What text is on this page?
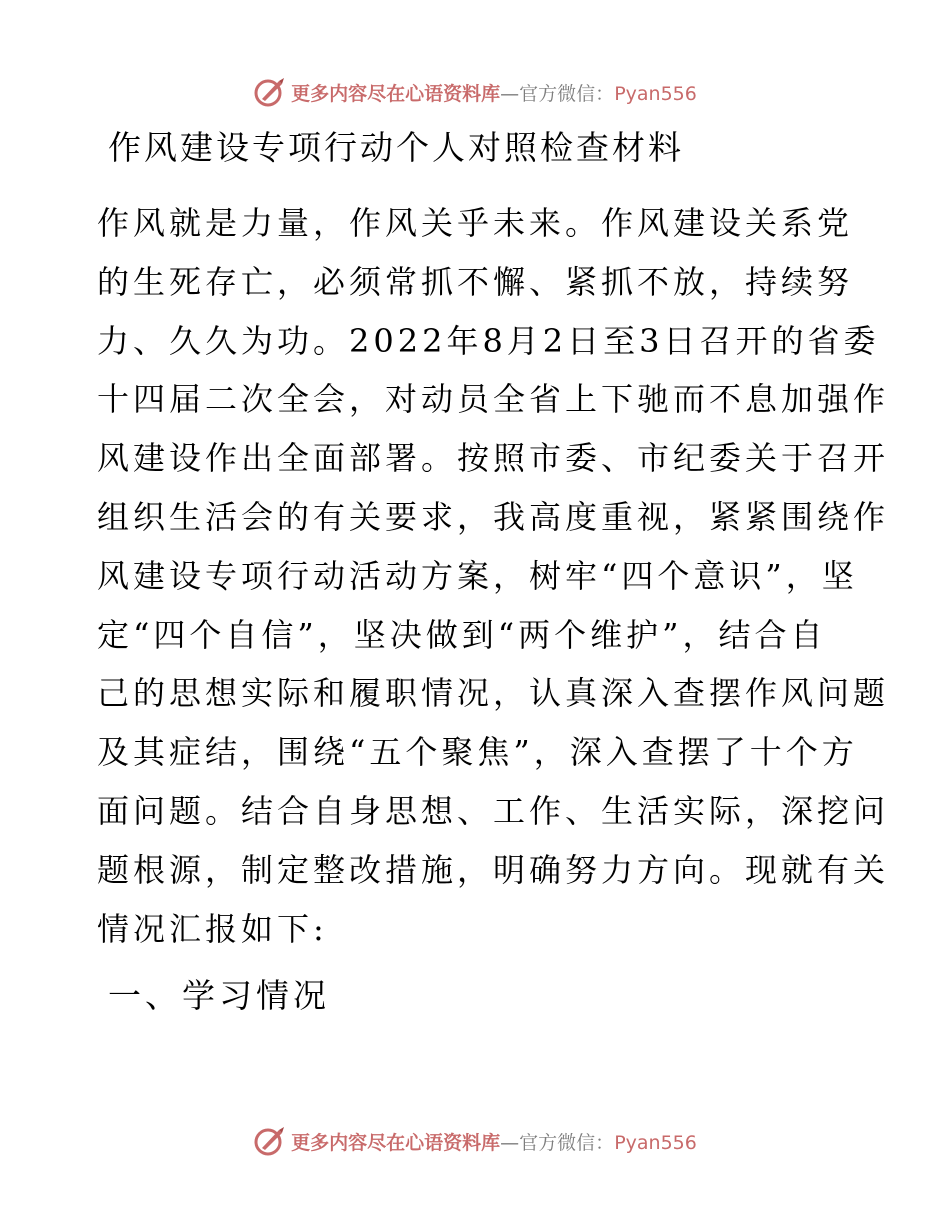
更多内容尽在心语资料库—官方微信：Pyan556
作风建设专项行动个人对照检查材料
作风就是力量，作风关乎未来。作风建设关系党
的生死存亡，必须常抓不懈、紧抓不放，持续努
力、久久为功。2022年8月2日至3日召开的省委
十四届二次全会，对动员全省上下驰而不息加强作
风建设作出全面部署。按照市委、市纪委关于召开
组织生活会的有关要求，我高度重视，紧紧围绕作
风建设专项行动活动方案，树牢“四个意识”，坚
定“四个自信”，坚决做到“两个维护”，结合自
己的思想实际和履职情况，认真深入查摆作风问题
及其症结，围绕“五个聚焦”，深入查摆了十个方
面问题。结合自身思想、工作、生活实际，深挖问
题根源，制定整改措施，明确努力方向。现就有关
情况汇报如下:
一、学习情况
更多内容尽在心语资料库—官方微信：Pyan556
